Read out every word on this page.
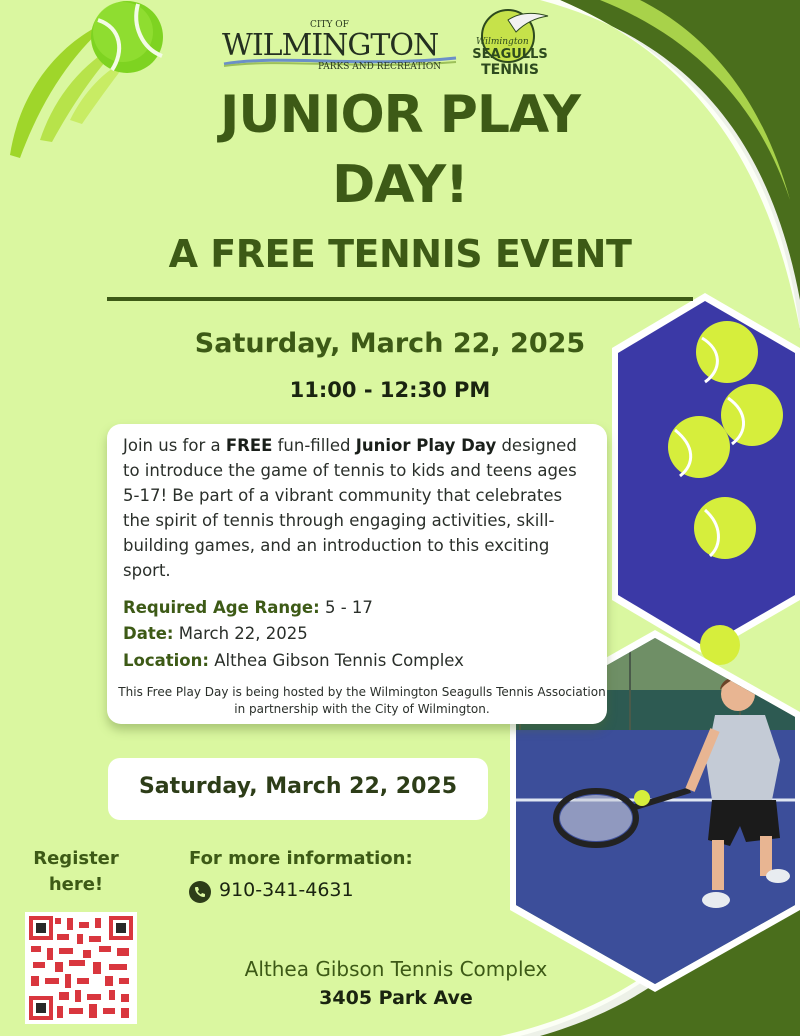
CITY OF
WILMINGTON
PARKS AND RECREATION
Wilmington
SEAGULLS
TENNIS
JUNIOR PLAY
DAY!
A FREE TENNIS EVENT
Saturday, March 22, 2025
11:00 - 12:30 PM
Join us for a FREE fun-filled Junior Play Day designed to introduce the game of tennis to kids and teens ages 5-17! Be part of a vibrant community that celebrates the spirit of tennis through engaging activities, skill-building games, and an introduction to this exciting sport.
Required Age Range: 5 - 17
Date: March 22, 2025
Location: Althea Gibson Tennis Complex
This Free Play Day is being hosted by the Wilmington Seagulls Tennis Association in partnership with the City of Wilmington.
Saturday, March 22, 2025
Register
here!
For more information:
910-341-4631
Althea Gibson Tennis Complex
3405 Park Ave
